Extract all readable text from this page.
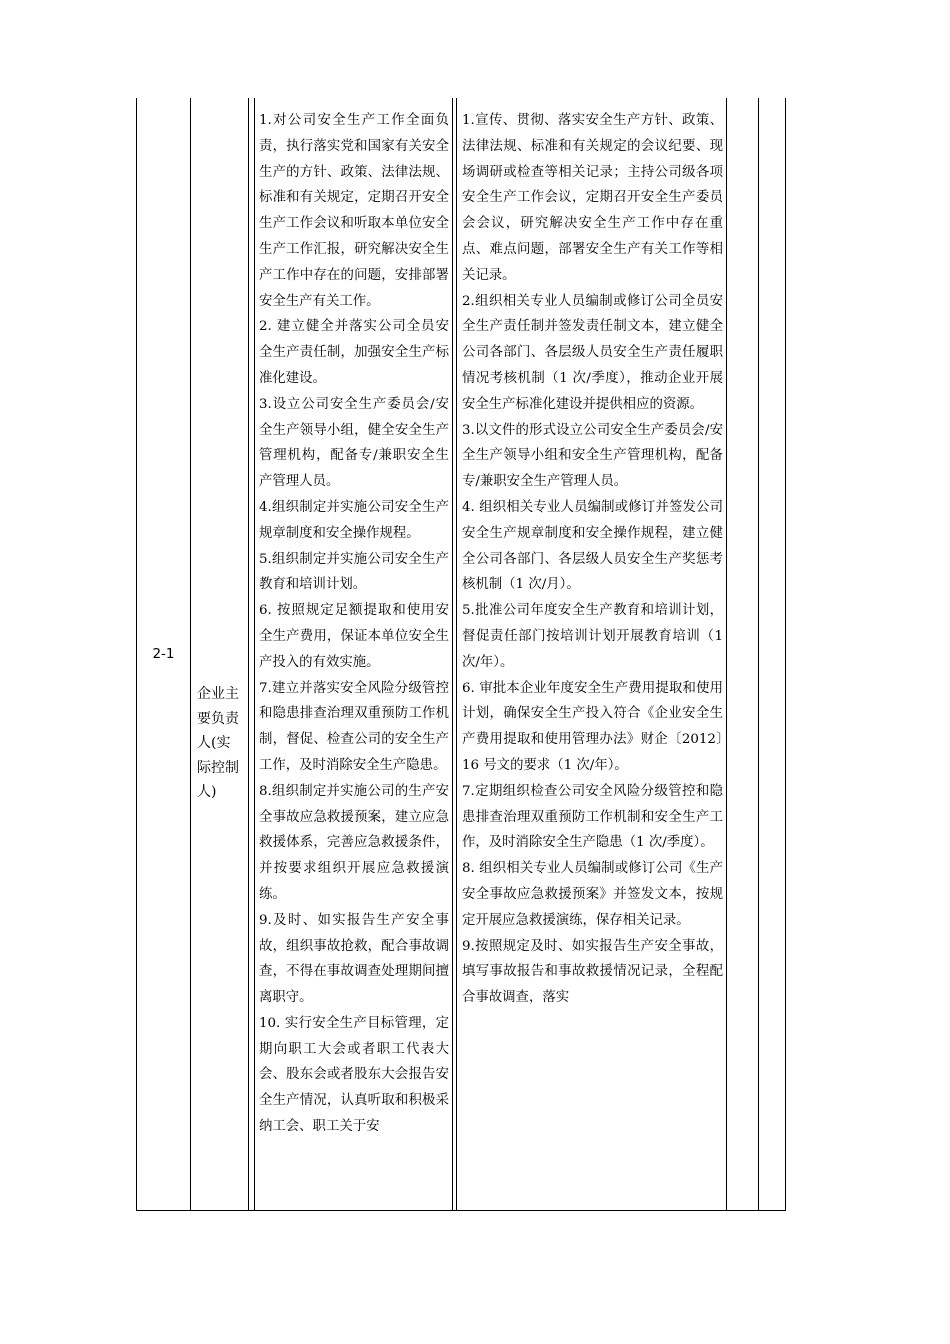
2-1
企业主要负责人(实际控制人)

1.对公司安全生产工作全面负责，执行落实党和国家有关安全生产的方针、政策、法律法规、标准和有关规定，定期召开安全生产工作会议和听取本单位安全生产工作汇报，研究解决安全生产工作中存在的问题，安排部署安全生产有关工作。

2. 建立健全并落实公司全员安全生产责任制，加强安全生产标准化建设。

3.设立公司安全生产委员会/安全生产领导小组，健全安全生产管理机构，配备专/兼职安全生产管理人员。

4.组织制定并实施公司安全生产规章制度和安全操作规程。

5.组织制定并实施公司安全生产教育和培训计划。

6. 按照规定足额提取和使用安全生产费用，保证本单位安全生产投入的有效实施。

7.建立并落实安全风险分级管控和隐患排查治理双重预防工作机制，督促、检查公司的安全生产工作，及时消除安全生产隐患。

8.组织制定并实施公司的生产安全事故应急救援预案，建立应急救援体系，完善应急救援条件，并按要求组织开展应急救援演练。

9.及时、如实报告生产安全事故，组织事故抢救，配合事故调查，不得在事故调查处理期间擅离职守。

10. 实行安全生产目标管理，定期向职工大会或者职工代表大会、股东会或者股东大会报告安全生产情况，认真听取和积极采纳工会、职工关于安

1.宣传、贯彻、落实安全生产方针、政策、法律法规、标准和有关规定的会议纪要、现场调研或检查等相关记录；主持公司级各项安全生产工作会议，定期召开安全生产委员会会议，研究解决安全生产工作中存在重点、难点问题，部署安全生产有关工作等相关记录。

2.组织相关专业人员编制或修订公司全员安全生产责任制并签发责任制文本，建立健全公司各部门、各层级人员安全生产责任履职情况考核机制（1 次/季度），推动企业开展安全生产标准化建设并提供相应的资源。

3.以文件的形式设立公司安全生产委员会/安全生产领导小组和安全生产管理机构，配备专/兼职安全生产管理人员。

4. 组织相关专业人员编制或修订并签发公司安全生产规章制度和安全操作规程，建立健全公司各部门、各层级人员安全生产奖惩考核机制（1 次/月）。

5.批准公司年度安全生产教育和培训计划，督促责任部门按培训计划开展教育培训（1 次/年）。

6. 审批本企业年度安全生产费用提取和使用计划，确保安全生产投入符合《企业安全生产费用提取和使用管理办法》财企〔2012〕16 号文的要求（1 次/年）。

7.定期组织检查公司安全风险分级管控和隐患排查治理双重预防工作机制和安全生产工作，及时消除安全生产隐患（1 次/季度）。

8. 组织相关专业人员编制或修订公司《生产安全事故应急救援预案》并签发文本，按规定开展应急救援演练，保存相关记录。

9.按照规定及时、如实报告生产安全事故，填写事故报告和事故救援情况记录，全程配合事故调查，落实
